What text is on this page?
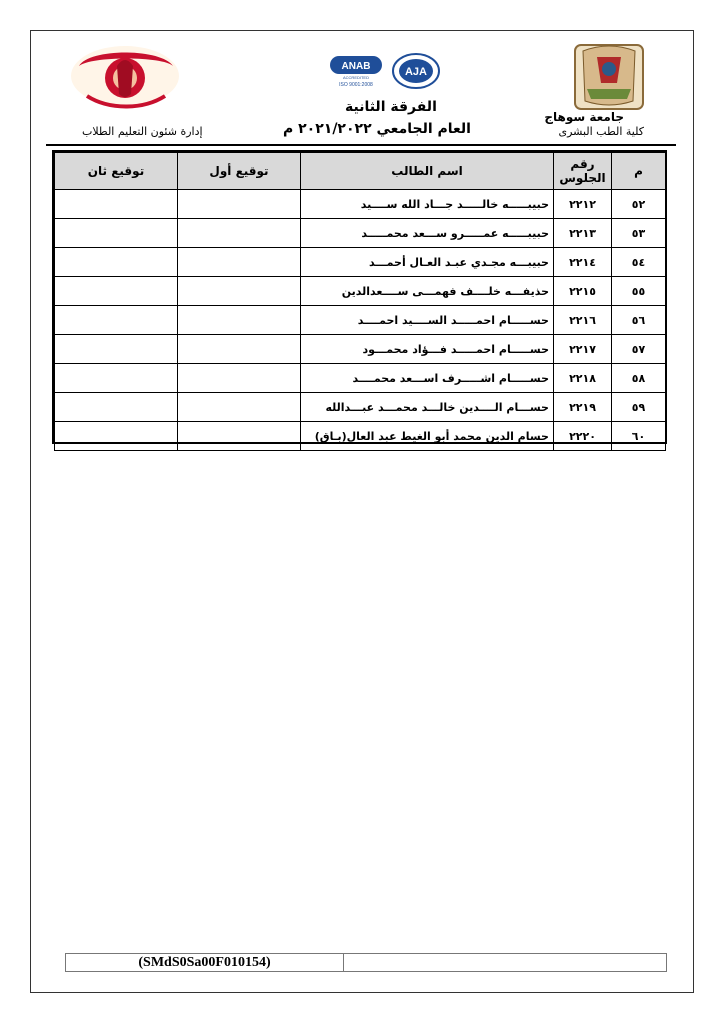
ANAB
ACCREDITED
ISO 9001:2008
AJA
جامعة سوهاج
كلية الطب البشرى
الفرقة الثانية
العام الجامعي ٢٠٢١/٢٠٢٢ م
إدارة شئون التعليم الطلاب
م	رقم الجلوس	اسم الطالب	توقيع أول	توقيع ثان
٥٢	٢٢١٢	حبيبـــــه خالـــــد جـــاد الله ســــيد		
٥٣	٢٢١٣	حبيبـــــه عمـــــرو ســـعد محمـــــد		
٥٤	٢٢١٤	حبيبـــه مجـدي عبـد العـال أحمـــد		
٥٥	٢٢١٥	حذيفـــه خلــــف فهمـــى ســــعدالدين		
٥٦	٢٢١٦	حســـــام احمـــــد الســــيد احمــــد		
٥٧	٢٢١٧	حســـــام احمـــــد فـــؤاد محمـــود		
٥٨	٢٢١٨	حســـــام اشـــــرف اســـعد محمــــد		
٥٩	٢٢١٩	حســـام الــــدين خالـــد محمـــد عبـــدالله		
٦٠	٢٢٢٠	حسام الدين محمد أبو الغيط عبد العال(بـاق)		
(SMdS0Sa00F010154)
